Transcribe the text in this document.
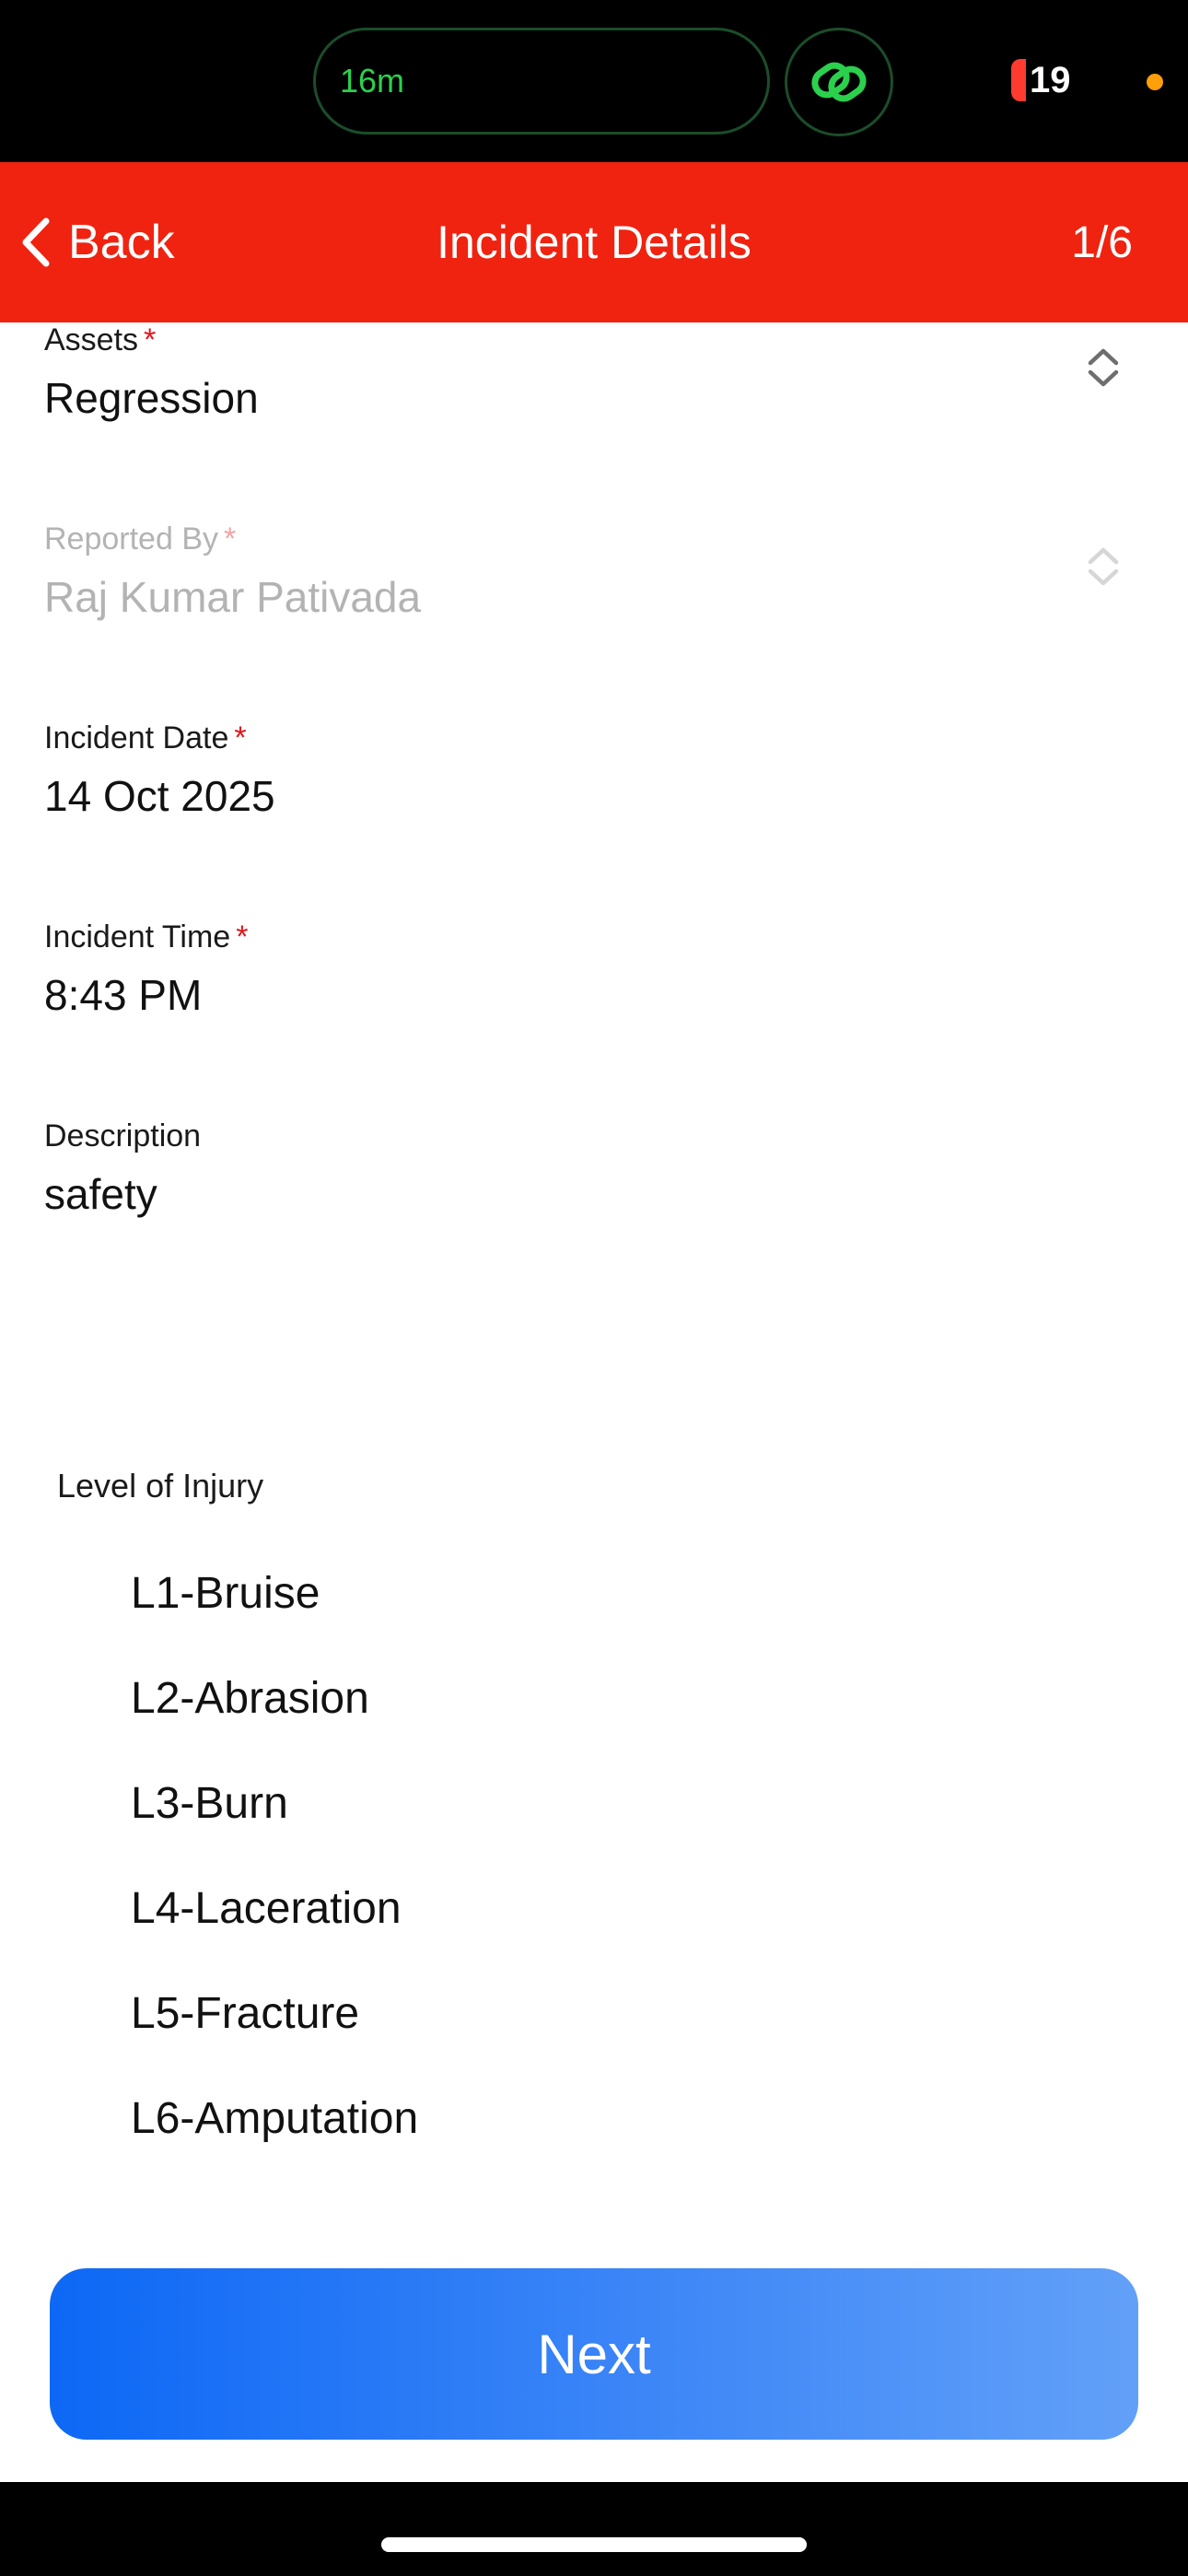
16m	19
Back	Incident Details	1/6
Assets *
Regression
Reported By *
Raj Kumar Pativada
Incident Date *
14 Oct 2025
Incident Time *
8:43 PM
Description
safety
Level of Injury
L1-Bruise
L2-Abrasion
L3-Burn
L4-Laceration
L5-Fracture
L6-Amputation
Next
